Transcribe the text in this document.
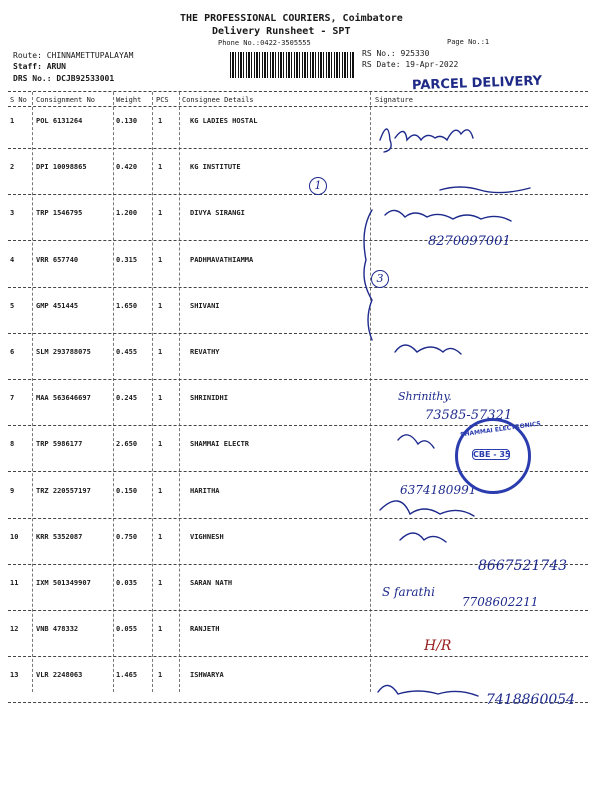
THE PROFESSIONAL COURIERS, Coimbatore
Delivery Runsheet - SPT
Phone No.:0422-3505555	Page No.:1
Route: CHINNAMETTUPALAYAM
Staff: ARUN
DRS No.: DCJB92533001
RS No.: 925330
RS Date: 19-Apr-2022
PARCEL DELIVERY
S No Consignment No	Weight PCS Consignee Details	Signature
1	POL 6131264	0.130	1	KG LADIES HOSTAL
2	DPI 10098865	0.420	1	KG INSTITUTE
3	TRP 1546795	1.200	1	DIVYA SIRANGI
4	VRR 657740	0.315	1	PADHMAVATHIAMMA
5	GMP 451445	1.650	1	SHIVANI
6	SLM 293788075	0.455	1	REVATHY
7	MAA 563646697	0.245	1	SHRINIDHI
8	TRP 5986177	2.650	1	SHAMMAI ELECTR
9	TRZ 220557197	0.150	1	HARITHA
10	KRR 5352087	0.750	1	VIGHNESH
11	IXM 501349907	0.035	1	SARAN NATH
12	VNB 478332	0.055	1	RANJETH
13	VLR 2248063	1.465	1	ISHWARYA
1
3
8270097001
Shrinithy.
73585-57321
6374180991
8667521743
S farathi
7708602211
H/R
7418860054
SHAMMAI ELECTRONICS
CBE - 35
